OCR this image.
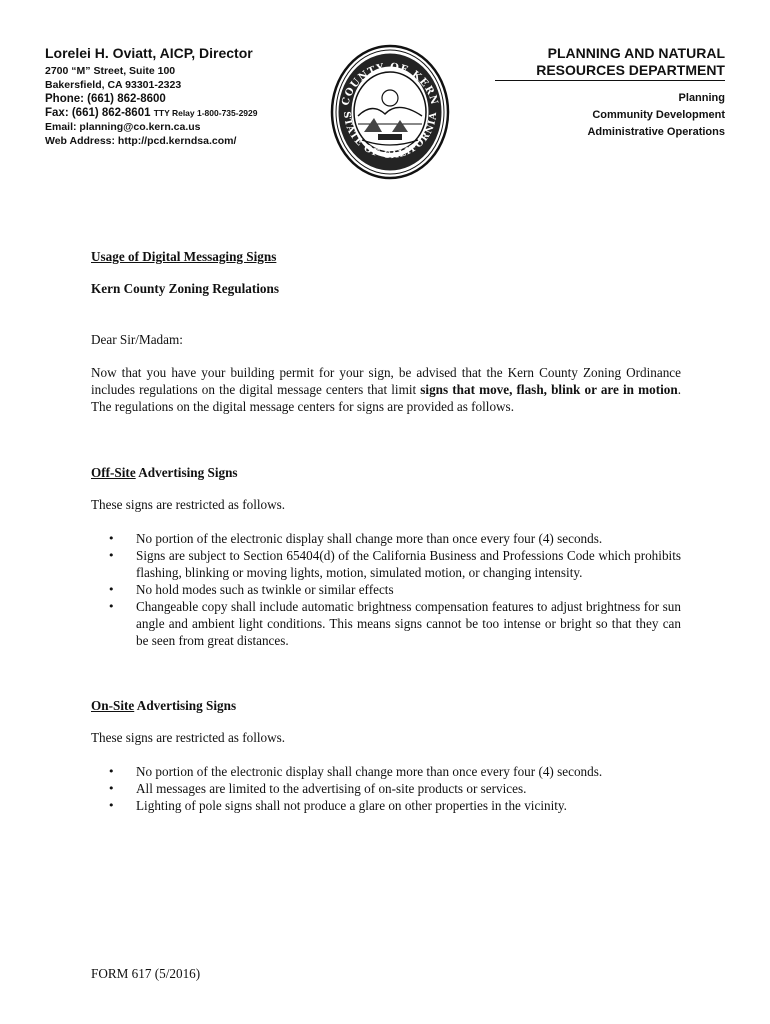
Lorelei H. Oviatt, AICP, Director
2700 “M” Street, Suite 100
Bakersfield, CA 93301-2323
Phone: (661) 862-8600
Fax: (661) 862-8601 TTY Relay 1-800-735-2929
Email: planning@co.kern.ca.us
Web Address: http://pcd.kerndsa.com/
COUNTY OF KERN
STATE OF CALIFORNIA
PLANNING AND NATURAL
RESOURCES DEPARTMENT
Planning
Community Development
Administrative Operations

Usage of Digital Messaging Signs

Kern County Zoning Regulations

Dear Sir/Madam:

Now that you have your building permit for your sign, be advised that the Kern County Zoning Ordinance includes regulations on the digital message centers that limit signs that move, flash, blink or are in motion. The regulations on the digital message centers for signs are provided as follows.

Off-Site Advertising Signs

These signs are restricted as follows.

• No portion of the electronic display shall change more than once every four (4) seconds.
• Signs are subject to Section 65404(d) of the California Business and Professions Code which prohibits flashing, blinking or moving lights, motion, simulated motion, or changing intensity.
• No hold modes such as twinkle or similar effects
• Changeable copy shall include automatic brightness compensation features to adjust brightness for sun angle and ambient light conditions. This means signs cannot be too intense or bright so that they can be seen from great distances.

On-Site Advertising Signs

These signs are restricted as follows.

• No portion of the electronic display shall change more than once every four (4) seconds.
• All messages are limited to the advertising of on-site products or services.
• Lighting of pole signs shall not produce a glare on other properties in the vicinity.
FORM 617 (5/2016)
